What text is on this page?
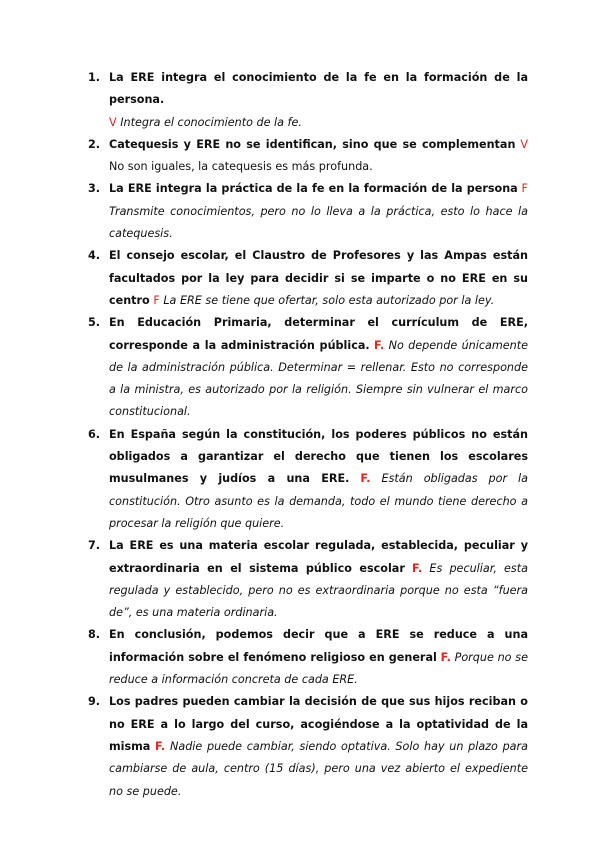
1. La ERE integra el conocimiento de la fe en la formación de la persona.
V Integra el conocimiento de la fe.
2. Catequesis y ERE no se identifican, sino que se complementan V No son iguales, la catequesis es más profunda.
3. La ERE integra la práctica de la fe en la formación de la persona F Transmite conocimientos, pero no lo lleva a la práctica, esto lo hace la catequesis.
4. El consejo escolar, el Claustro de Profesores y las Ampas están facultados por la ley para decidir si se imparte o no ERE en su centro F La ERE se tiene que ofertar, solo esta autorizado por la ley.
5. En Educación Primaria, determinar el currículum de ERE, corresponde a la administración pública. F. No depende únicamente de la administración pública. Determinar = rellenar. Esto no corresponde a la ministra, es autorizado por la religión. Siempre sin vulnerar el marco constitucional.
6. En España según la constitución, los poderes públicos no están obligados a garantizar el derecho que tienen los escolares musulmanes y judíos a una ERE. F. Están obligadas por la constitución. Otro asunto es la demanda, todo el mundo tiene derecho a procesar la religión que quiere.
7. La ERE es una materia escolar regulada, establecida, peculiar y extraordinaria en el sistema público escolar F. Es peculiar, esta regulada y establecido, pero no es extraordinaria porque no esta “fuera de”, es una materia ordinaria.
8. En conclusión, podemos decir que a ERE se reduce a una información sobre el fenómeno religioso en general F. Porque no se reduce a información concreta de cada ERE.
9. Los padres pueden cambiar la decisión de que sus hijos reciban o no ERE a lo largo del curso, acogiéndose a la optatividad de la misma F. Nadie puede cambiar, siendo optativa. Solo hay un plazo para cambiarse de aula, centro (15 días), pero una vez abierto el expediente no se puede.
